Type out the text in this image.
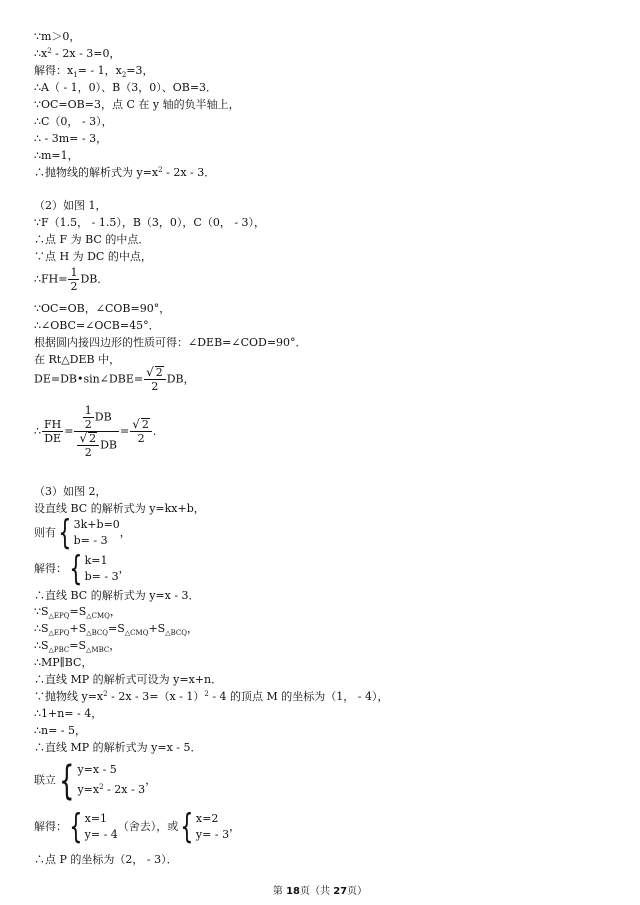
∵m＞0，
$\therefore x^2 - 2x - 3=0$，
解得：$x_1= - 1$，$x_2=3$，
∴A（ - 1，0）、B（3，0）、OB=3．
∵OC=OB=3，点 C 在 y 轴的负半轴上，
∴C（0， - 3），
∴ - 3m= - 3，
∴m=1，
∴抛物线的解析式为 $y=x^2 - 2x - 3$．
（2）如图 1，
∵F（1.5， - 1.5），B（3，0），C（0， - 3），
∴点 F 为 BC 的中点．
∵点 H 为 DC 的中点，
∴FH= $\frac{1}{2}$ DB．
∵OC=OB，∠COB=90°，
∴∠OBC=∠OCB=45°．
根据圆内接四边形的性质可得：∠DEB=∠COD=90°．
在 Rt△DEB 中，
DE=DB•sin∠DBE= $\frac{√ 2}{2}$ DB，
∴ $\frac{FH}{DE} = \frac{\frac{1}{2} DB}{\frac{√ 2}{2} DB} = \frac{√ 2}{2}$ ．
（3）如图 2，
设直线 BC 的解析式为 y=kx+b，
则有{ 3k+b=0
b= - 3
，
解得：{ k=1
b= - 3
，
∴直线 BC 的解析式为 y=x - 3．
$\because S_{\triangle EPQ}=S_{\triangle CMQ}$，
$\therefore S_{\triangle EPQ}+S_{\triangle BCQ}=S_{\triangle CMQ}+S_{\triangle BCQ}$，
$\therefore S_{\triangle PBC}=S_{\triangle MBC}$，
∴MP∥BC，
∴直线 MP 的解析式可设为 y=x+n．
∵抛物线 $y=x^2 - 2x - 3=(x - 1)^2 - 4$ 的顶点 M 的坐标为（1， - 4），
∴1+n= - 4，
∴n= - 5，
∴直线 MP 的解析式为 y=x - 5．
联立{ y=x - 5
$y=x^2 - 2x - 3$
，
解得：{ x=1
y= - 4
（舍去），或{ x=2
y= - 3
，
∴点 P 的坐标为（2， - 3）．
第 18页（共 27页）
